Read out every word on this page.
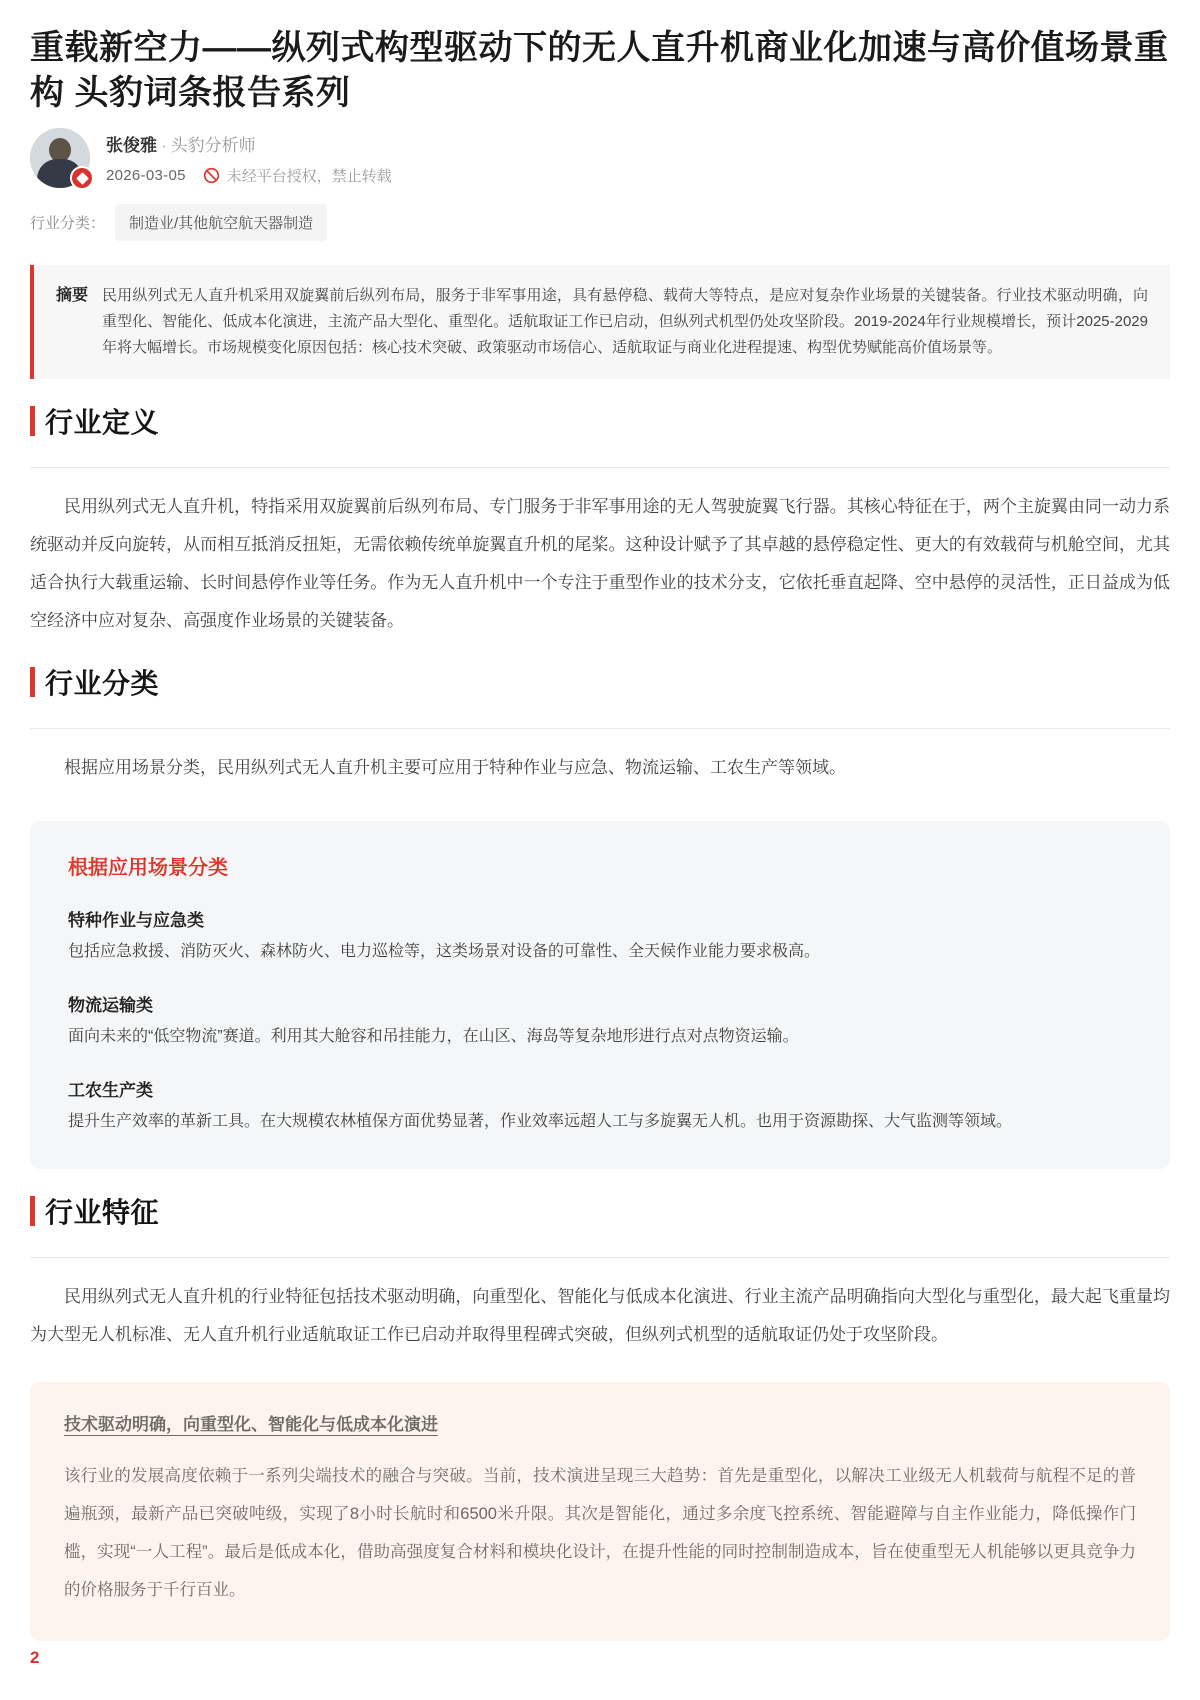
重载新空力——纵列式构型驱动下的无人直升机商业化加速与高价值场景重构 头豹词条报告系列
张俊雅 · 头豹分析师
2026-03-05	未经平台授权，禁止转载
行业分类：	制造业/其他航空航天器制造
摘要 民用纵列式无人直升机采用双旋翼前后纵列布局，服务于非军事用途，具有悬停稳、载荷大等特点，是应对复杂作业场景的关键装备。行业技术驱动明确，向重型化、智能化、低成本化演进，主流产品大型化、重型化。适航取证工作已启动，但纵列式机型仍处攻坚阶段。2019-2024年行业规模增长，预计2025-2029年将大幅增长。市场规模变化原因包括：核心技术突破、政策驱动市场信心、适航取证与商业化进程提速、构型优势赋能高价值场景等。
行业定义

民用纵列式无人直升机，特指采用双旋翼前后纵列布局、专门服务于非军事用途的无人驾驶旋翼飞行器。其核心特征在于，两个主旋翼由同一动力系统驱动并反向旋转，从而相互抵消反扭矩，无需依赖传统单旋翼直升机的尾桨。这种设计赋予了其卓越的悬停稳定性、更大的有效载荷与机舱空间，尤其适合执行大载重运输、长时间悬停作业等任务。作为无人直升机中一个专注于重型作业的技术分支，它依托垂直起降、空中悬停的灵活性，正日益成为低空经济中应对复杂、高强度作业场景的关键装备。

行业分类

根据应用场景分类，民用纵列式无人直升机主要可应用于特种作业与应急、物流运输、工农生产等领域。

根据应用场景分类
特种作业与应急类
包括应急救援、消防灭火、森林防火、电力巡检等，这类场景对设备的可靠性、全天候作业能力要求极高。
物流运输类
面向未来的“低空物流”赛道。利用其大舱容和吊挂能力，在山区、海岛等复杂地形进行点对点物资运输。
工农生产类
提升生产效率的革新工具。在大规模农林植保方面优势显著，作业效率远超人工与多旋翼无人机。也用于资源勘探、大气监测等领域。
行业特征

民用纵列式无人直升机的行业特征包括技术驱动明确，向重型化、智能化与低成本化演进、行业主流产品明确指向大型化与重型化，最大起飞重量均为大型无人机标准、无人直升机行业适航取证工作已启动并取得里程碑式突破，但纵列式机型的适航取证仍处于攻坚阶段。

技术驱动明确，向重型化、智能化与低成本化演进
该行业的发展高度依赖于一系列尖端技术的融合与突破。当前，技术演进呈现三大趋势：首先是重型化，以解决工业级无人机载荷与航程不足的普遍瓶颈，最新产品已突破吨级，实现了8小时长航时和6500米升限。其次是智能化，通过多余度飞控系统、智能避障与自主作业能力，降低操作门槛，实现“一人工程”。最后是低成本化，借助高强度复合材料和模块化设计，在提升性能的同时控制制造成本，旨在使重型无人机能够以更具竞争力的价格服务于千行百业。
2
